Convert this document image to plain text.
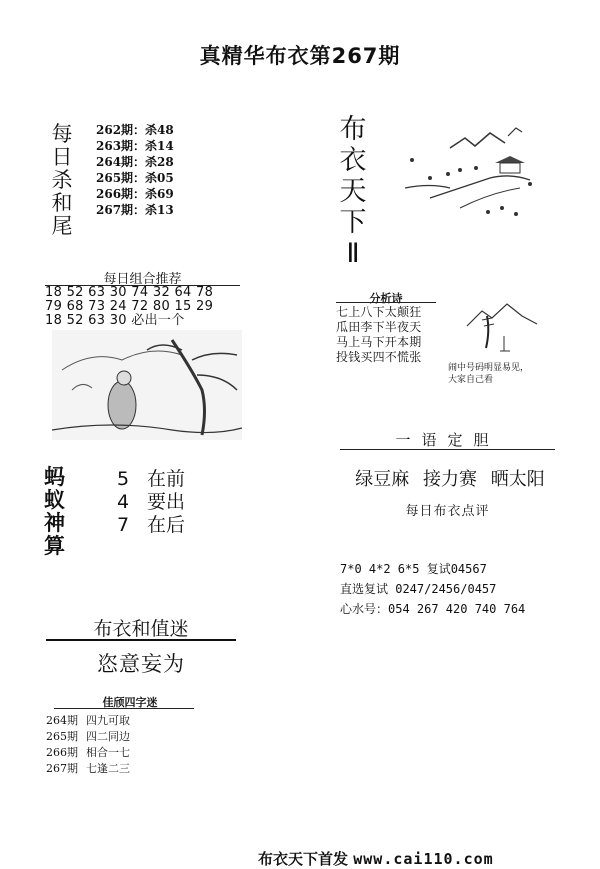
真精华布衣第267期
每日杀和尾
262期：杀48
263期：杀14
264期：杀28
265期：杀05
266期：杀69
267期：杀13
布衣天下Ⅱ
每日组合推荐
18 52 63 30 74 32 64 78
79 68 73 24 72 80 15 29
18 52 63 30 必出一个
蚂蚁神算
5 在前
4 要出
7 在后
布衣和值迷
恣意妄为
佳颀四字迷
264期 四九可取
265期 四二同边
266期 相合一七
267期 七逢二三
分析诗
七上八下太颠狂
瓜田李下半夜天
马上马下开本期
投钱买四不慌张
闹中号码明显易见，
大家自己看
一语定胆
绿豆麻 接力赛 晒太阳
每日布衣点评
7*0 4*2 6*5 复试04567
直选复试 0247/2456/0457
心水号：054 267 420 740 764
布衣天下首发 www.cai110.com
